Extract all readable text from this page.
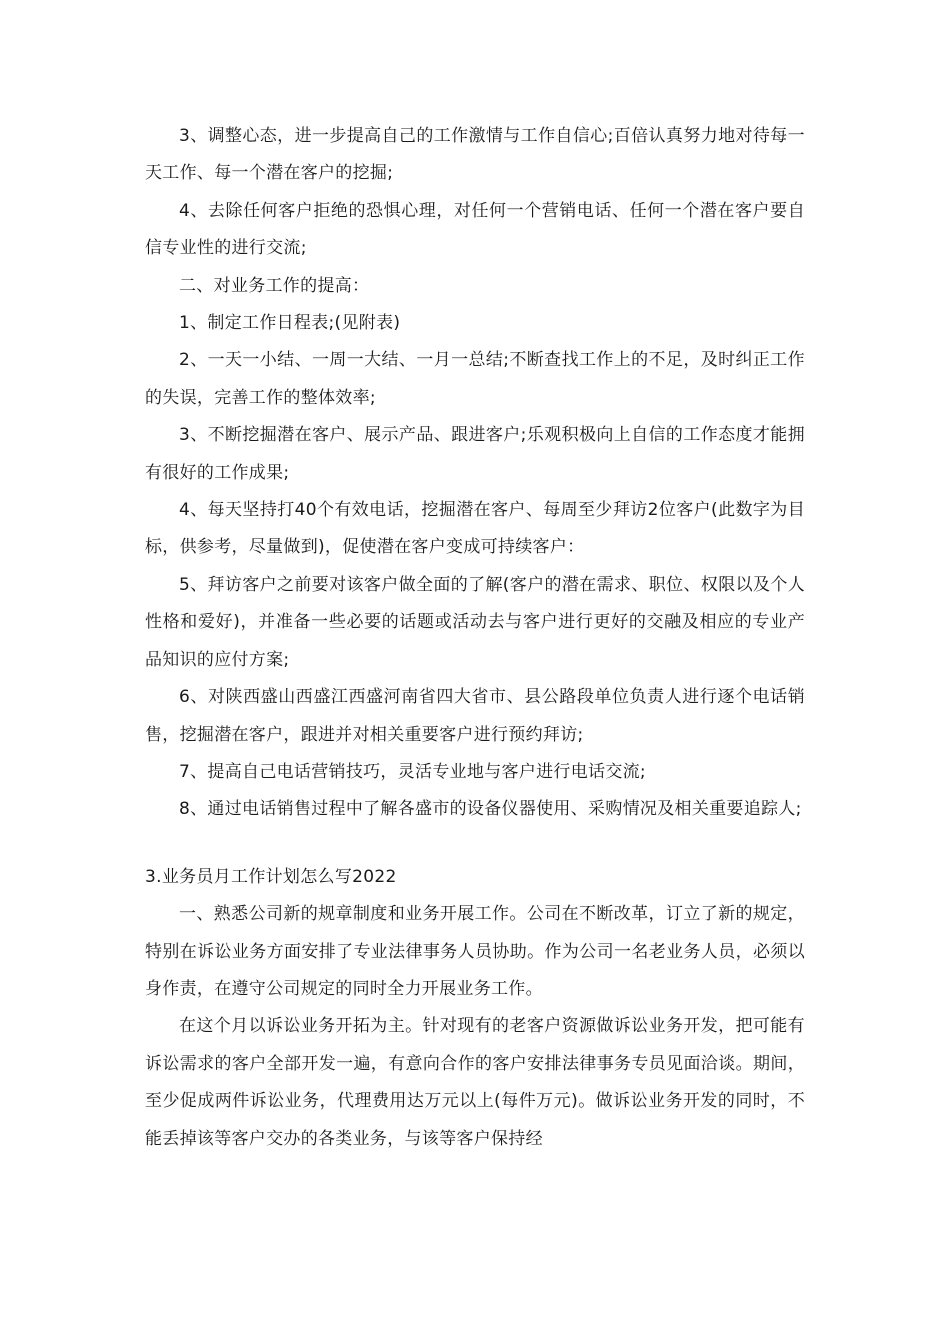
3、调整心态，进一步提高自己的工作激情与工作自信心;百倍认真努力地对待每一天工作、每一个潜在客户的挖掘;

4、去除任何客户拒绝的恐惧心理，对任何一个营销电话、任何一个潜在客户要自信专业性的进行交流;

二、对业务工作的提高：

1、制定工作日程表;(见附表)

2、一天一小结、一周一大结、一月一总结;不断查找工作上的不足，及时纠正工作的失误，完善工作的整体效率;

3、不断挖掘潜在客户、展示产品、跟进客户;乐观积极向上自信的工作态度才能拥有很好的工作成果;

4、每天坚持打40个有效电话，挖掘潜在客户、每周至少拜访2位客户(此数字为目标，供参考，尽量做到)，促使潜在客户变成可持续客户：

5、拜访客户之前要对该客户做全面的了解(客户的潜在需求、职位、权限以及个人性格和爱好)，并准备一些必要的话题或活动去与客户进行更好的交融及相应的专业产品知识的应付方案;

6、对陕西盛山西盛江西盛河南省四大省市、县公路段单位负责人进行逐个电话销售，挖掘潜在客户，跟进并对相关重要客户进行预约拜访;

7、提高自己电话营销技巧，灵活专业地与客户进行电话交流;

8、通过电话销售过程中了解各盛市的设备仪器使用、采购情况及相关重要追踪人;

3.业务员月工作计划怎么写2022

一、熟悉公司新的规章制度和业务开展工作。公司在不断改革，订立了新的规定，特别在诉讼业务方面安排了专业法律事务人员协助。作为公司一名老业务人员，必须以身作责，在遵守公司规定的同时全力开展业务工作。

在这个月以诉讼业务开拓为主。针对现有的老客户资源做诉讼业务开发，把可能有诉讼需求的客户全部开发一遍，有意向合作的客户安排法律事务专员见面洽谈。期间，至少促成两件诉讼业务，代理费用达万元以上(每件万元)。做诉讼业务开发的同时，不能丢掉该等客户交办的各类业务，与该等客户保持经
